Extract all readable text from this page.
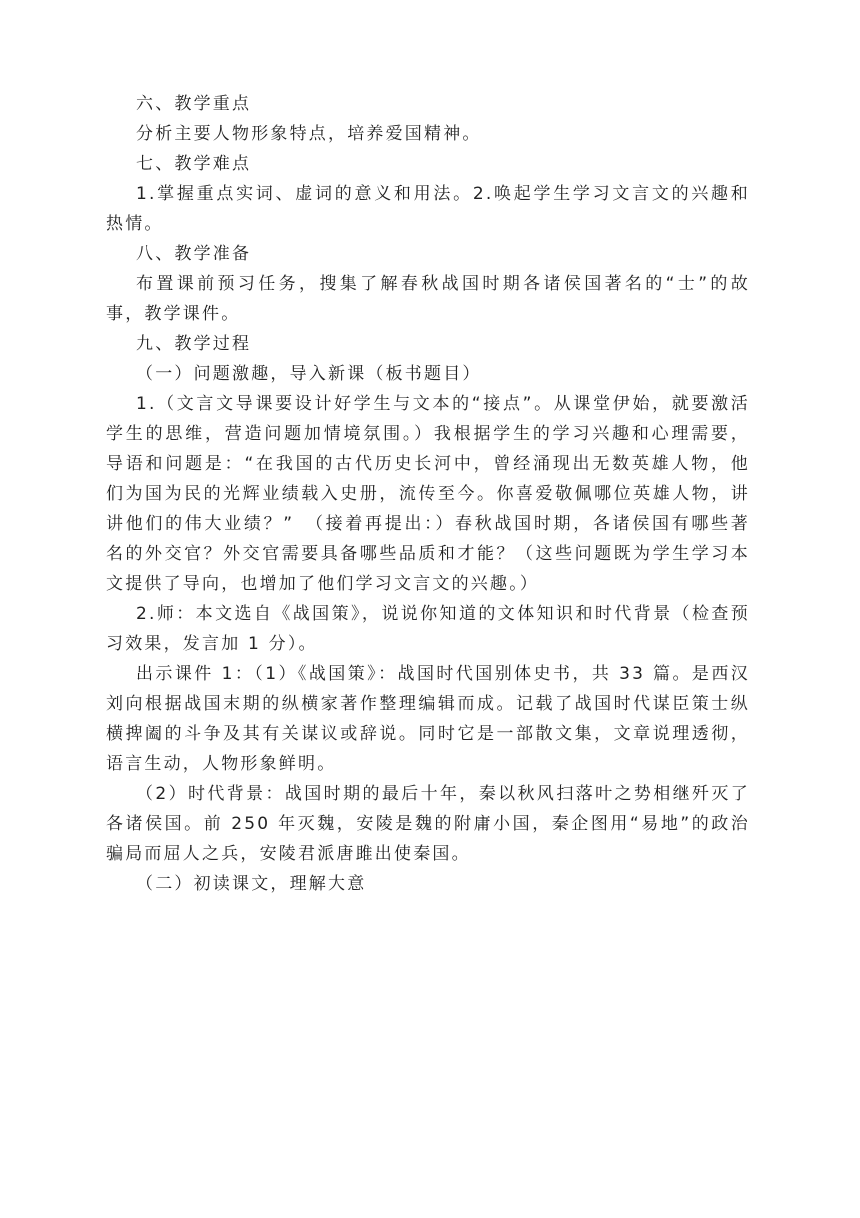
六、教学重点

分析主要人物形象特点，培养爱国精神。

七、教学难点

1.掌握重点实词、虚词的意义和用法。2.唤起学生学习文言文的兴趣和热情。

八、教学准备

布置课前预习任务，搜集了解春秋战国时期各诸侯国著名的“士”的故事，教学课件。

九、教学过程

（一）问题激趣，导入新课（板书题目）

1.（文言文导课要设计好学生与文本的“接点”。从课堂伊始，就要激活学生的思维，营造问题加情境氛围。）我根据学生的学习兴趣和心理需要，导语和问题是：“在我国的古代历史长河中，曾经涌现出无数英雄人物，他们为国为民的光辉业绩载入史册，流传至今。你喜爱敬佩哪位英雄人物，讲讲他们的伟大业绩？”　（接着再提出：）春秋战国时期，各诸侯国有哪些著名的外交官？外交官需要具备哪些品质和才能？（这些问题既为学生学习本文提供了导向，也增加了他们学习文言文的兴趣。）

2.师：本文选自《战国策》，说说你知道的文体知识和时代背景（检查预习效果，发言加 1 分）。

出示课件 1：（1）《战国策》：战国时代国别体史书，共 33 篇。是西汉刘向根据战国末期的纵横家著作整理编辑而成。记载了战国时代谋臣策士纵横捭阖的斗争及其有关谋议或辞说。同时它是一部散文集，文章说理透彻，语言生动，人物形象鲜明。

（2）时代背景：战国时期的最后十年，秦以秋风扫落叶之势相继歼灭了各诸侯国。前 250 年灭魏，安陵是魏的附庸小国，秦企图用“易地”的政治骗局而屈人之兵，安陵君派唐雎出使秦国。

（二）初读课文，理解大意
